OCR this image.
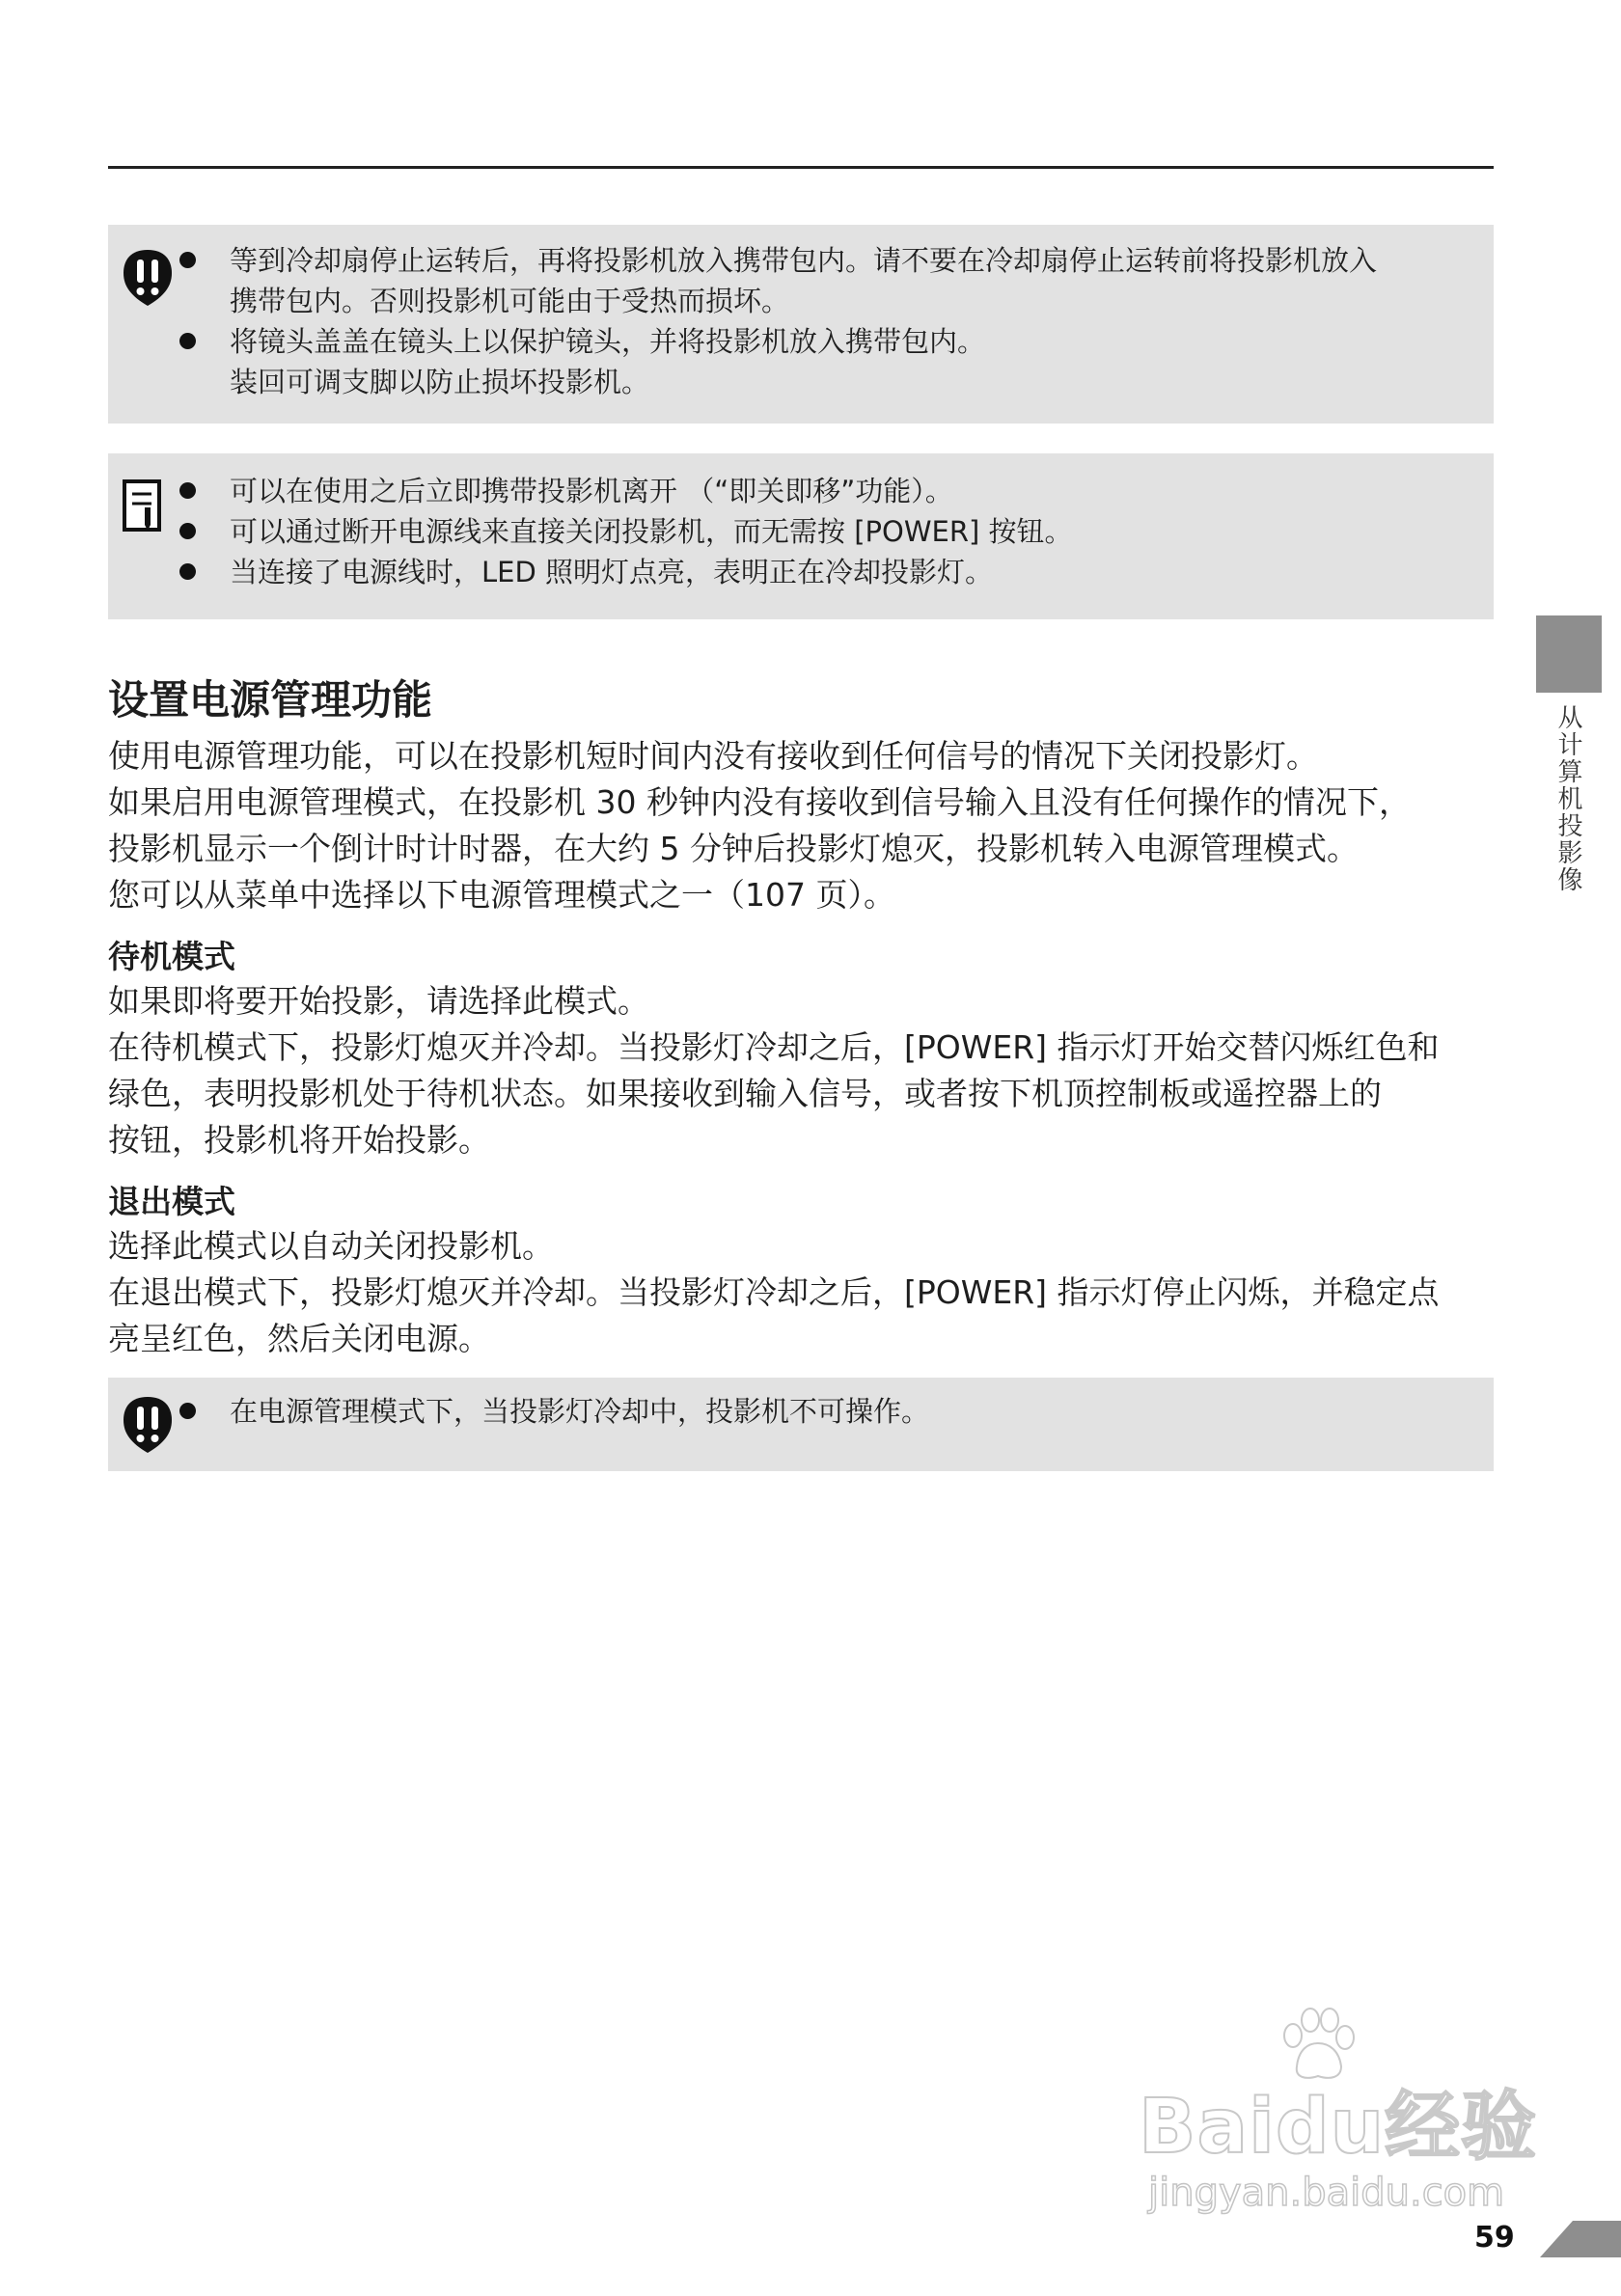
等到冷却扇停止运转后，再将投影机放入携带包内。请不要在冷却扇停止运转前将投影机放入
携带包内。否则投影机可能由于受热而损坏。
将镜头盖盖在镜头上以保护镜头，并将投影机放入携带包内。
装回可调支脚以防止损坏投影机。
可以在使用之后立即携带投影机离开 （“即关即移”功能）。
可以通过断开电源线来直接关闭投影机，而无需按 [POWER] 按钮。
当连接了电源线时，LED 照明灯点亮，表明正在冷却投影灯。
从计算机投影像
设置电源管理功能

使用电源管理功能，可以在投影机短时间内没有接收到任何信号的情况下关闭投影灯。

如果启用电源管理模式，在投影机 30 秒钟内没有接收到信号输入且没有任何操作的情况下，

投影机显示一个倒计时计时器，在大约 5 分钟后投影灯熄灭，投影机转入电源管理模式。

您可以从菜单中选择以下电源管理模式之一（107 页）。

待机模式

如果即将要开始投影，请选择此模式。

在待机模式下，投影灯熄灭并冷却。当投影灯冷却之后，[POWER] 指示灯开始交替闪烁红色和

绿色，表明投影机处于待机状态。如果接收到输入信号，或者按下机顶控制板或遥控器上的

按钮，投影机将开始投影。

退出模式

选择此模式以自动关闭投影机。

在退出模式下，投影灯熄灭并冷却。当投影灯冷却之后，[POWER] 指示灯停止闪烁，并稳定点

亮呈红色，然后关闭电源。

在电源管理模式下，当投影灯冷却中，投影机不可操作。
Baidu经验
jingyan.baidu.com
59
